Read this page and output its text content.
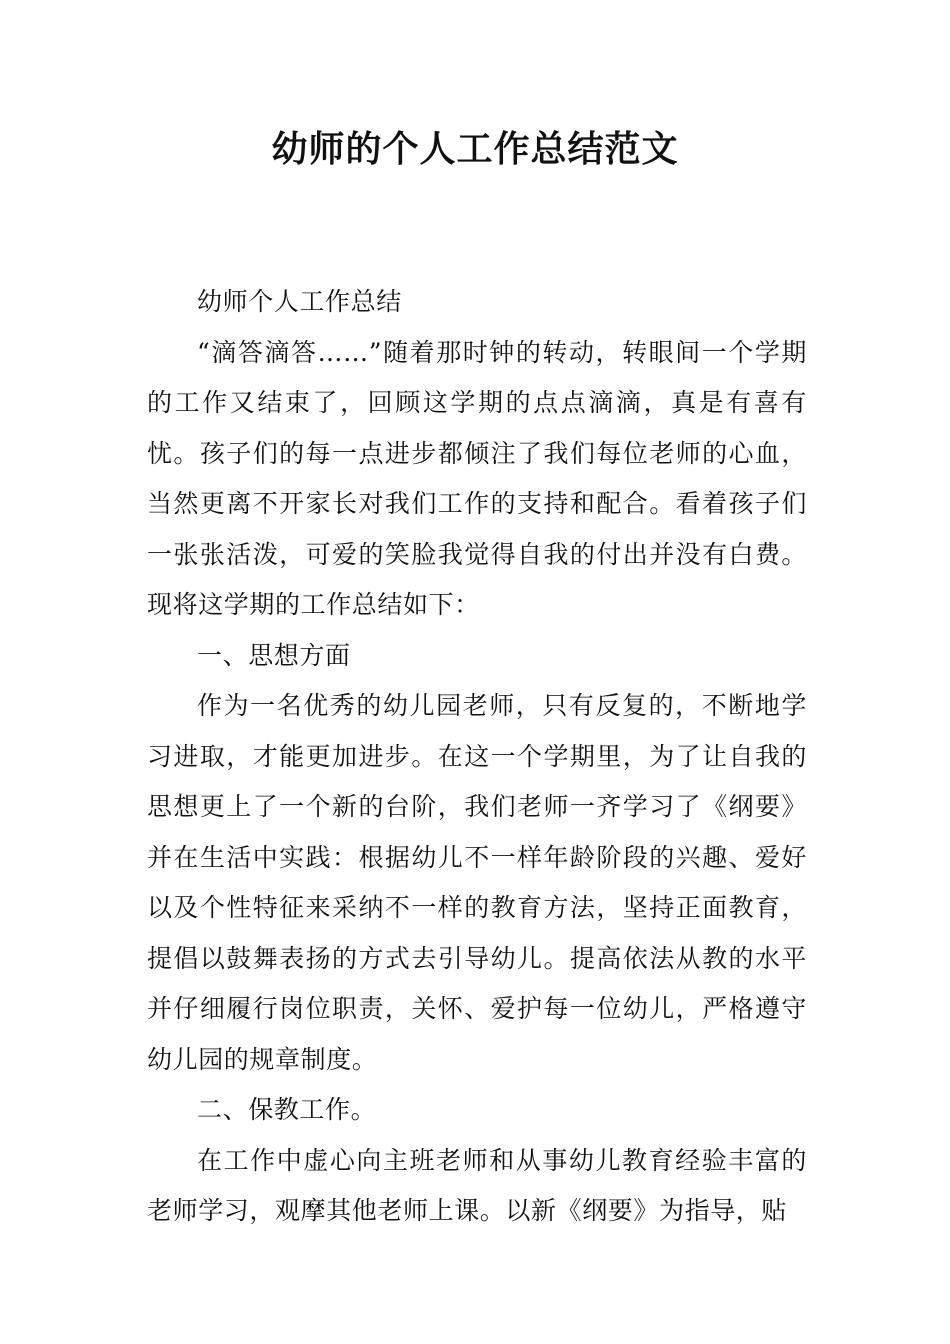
幼师的个人工作总结范文

幼师个人工作总结

“滴答滴答……”随着那时钟的转动，转眼间一个学期的工作又结束了，回顾这学期的点点滴滴，真是有喜有忧。孩子们的每一点进步都倾注了我们每位老师的心血，当然更离不开家长对我们工作的支持和配合。看着孩子们一张张活泼，可爱的笑脸我觉得自我的付出并没有白费。现将这学期的工作总结如下：

一、思想方面

作为一名优秀的幼儿园老师，只有反复的，不断地学习进取，才能更加进步。在这一个学期里，为了让自我的思想更上了一个新的台阶，我们老师一齐学习了《纲要》并在生活中实践：根据幼儿不一样年龄阶段的兴趣、爱好以及个性特征来采纳不一样的教育方法，坚持正面教育，提倡以鼓舞表扬的方式去引导幼儿。提高依法从教的水平并仔细履行岗位职责，关怀、爱护每一位幼儿，严格遵守幼儿园的规章制度。

二、保教工作。

在工作中虚心向主班老师和从事幼儿教育经验丰富的老师学习，观摩其他老师上课。以新《纲要》为指导，贴
